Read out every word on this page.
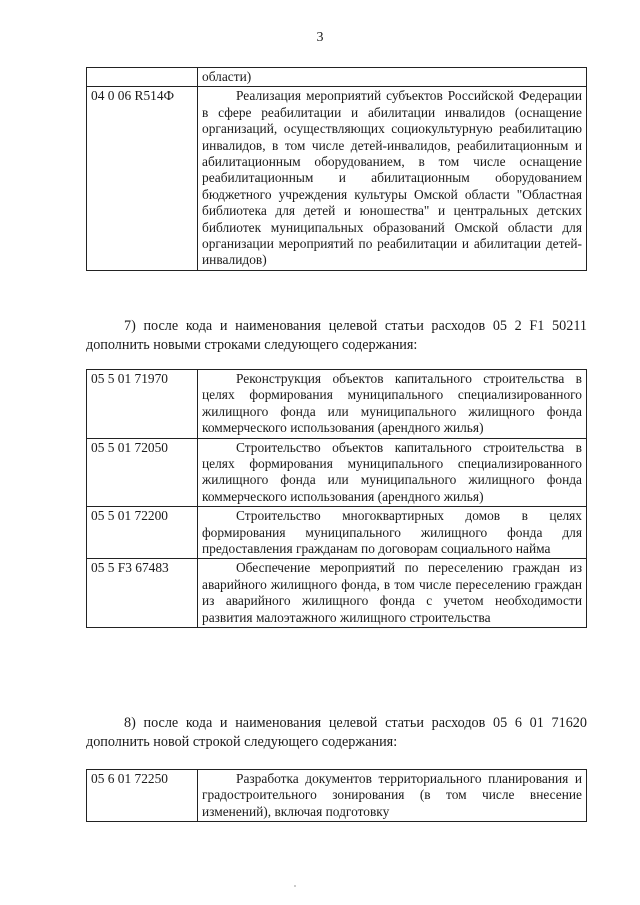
3
	области)
04 0 06 R514Ф	Реализация мероприятий субъектов Российской Федерации в сфере реабилитации и абилитации инвалидов (оснащение организаций, осуществляющих социокультурную реабилитацию инвалидов, в том числе детей-инвалидов, реабилитационным и абилитационным оборудованием, в том числе оснащение реабилитационным и абилитационным оборудованием бюджетного учреждения культуры Омской области "Областная библиотека для детей и юношества" и центральных детских библиотек муниципальных образований Омской области для организации мероприятий по реабилитации и абилитации детей-инвалидов)
7) после кода и наименования целевой статьи расходов 05 2 F1 50211 дополнить новыми строками следующего содержания:
05 5 01 71970	Реконструкция объектов капитального строительства в целях формирования муниципального специализированного жилищного фонда или муниципального жилищного фонда коммерческого использования (арендного жилья)
05 5 01 72050	Строительство объектов капитального строительства в целях формирования муниципального специализированного жилищного фонда или муниципального жилищного фонда коммерческого использования (арендного жилья)
05 5 01 72200	Строительство многоквартирных домов в целях формирования муниципального жилищного фонда для предоставления гражданам по договорам социального найма
05 5 F3 67483	Обеспечение мероприятий по переселению граждан из аварийного жилищного фонда, в том числе переселению граждан из аварийного жилищного фонда с учетом необходимости развития малоэтажного жилищного строительства
8) после кода и наименования целевой статьи расходов 05 6 01 71620 дополнить новой строкой следующего содержания:
05 6 01 72250	Разработка документов территориального планирования и градостроительного зонирования (в том числе внесение изменений), включая подготовку
